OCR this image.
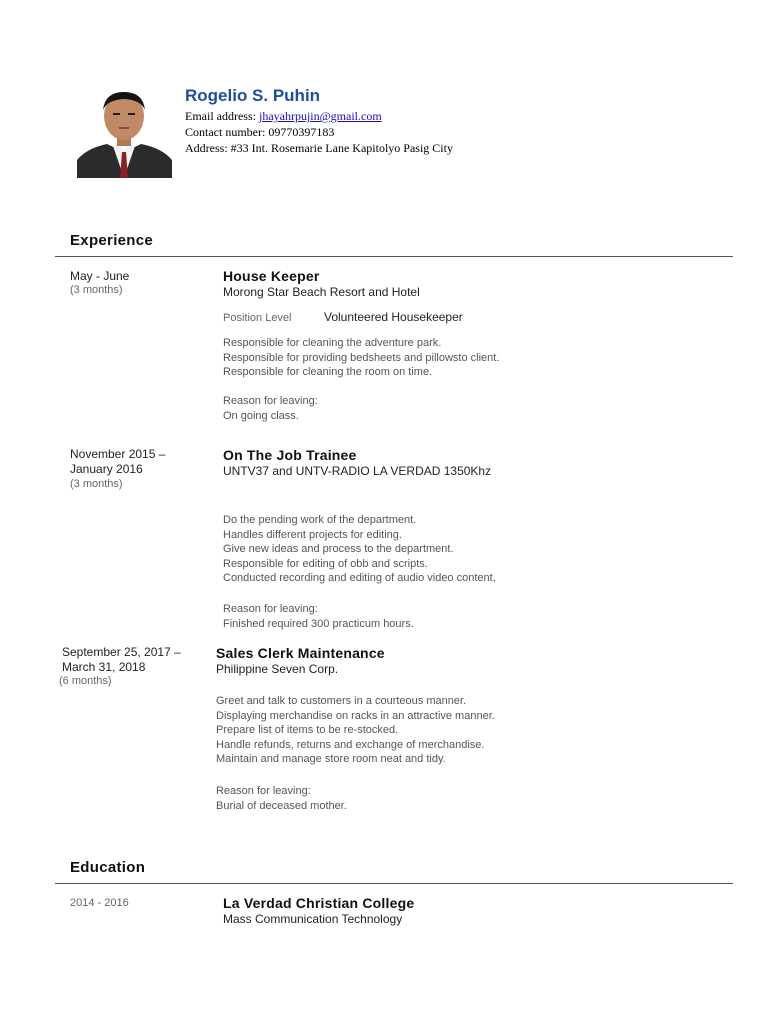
Rogelio S. Puhin
Email address: jhayahrpujin@gmail.com
Contact number: 09770397183
Address: #33 Int. Rosemarie Lane Kapitolyo Pasig City
Experience
May - June
(3 months)
House Keeper
Morong Star Beach Resort and Hotel
Position Level	Volunteered Housekeeper
Responsible for cleaning the adventure park.
Responsible for providing bedsheets and pillowsto client.
Responsible for cleaning the room on time.
Reason for leaving:
On going class.
November 2015 –
January 2016
(3 months)
On The Job Trainee
UNTV37 and UNTV-RADIO LA VERDAD 1350Khz
Do the pending work of the department.
Handles different projects for editing.
Give new ideas and process to the department.
Responsible for editing of obb and scripts.
Conducted recording and editing of audio video content,
Reason for leaving:
Finished required 300 practicum hours.
September 25, 2017 –
March 31, 2018
(6 months)
Sales Clerk Maintenance
Philippine Seven Corp.
Greet and talk to customers in a courteous manner.
Displaying merchandise on racks in an attractive manner.
Prepare list of items to be re-stocked.
Handle refunds, returns and exchange of merchandise.
Maintain and manage store room neat and tidy.
Reason for leaving:
Burial of deceased mother.
Education
2014 - 2016	La Verdad Christian College
Mass Communication Technology
